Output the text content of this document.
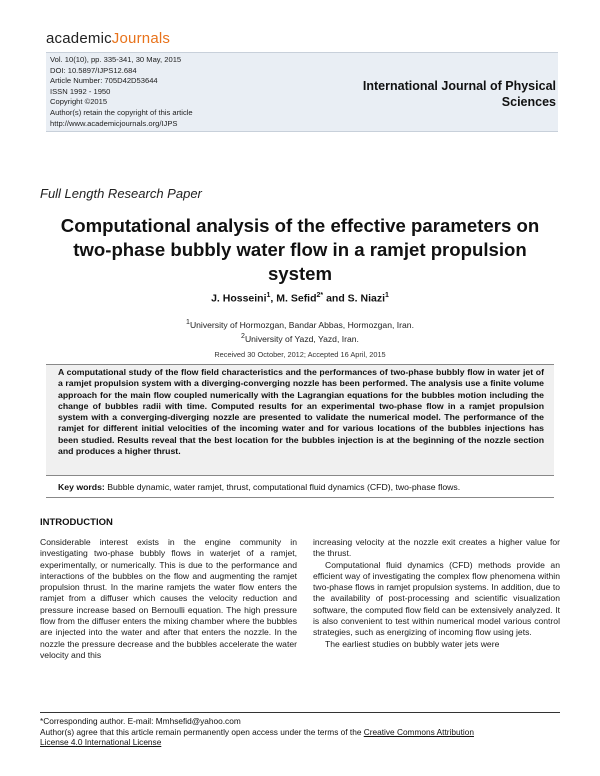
academicJournals
Vol. 10(10), pp. 335-341, 30 May, 2015
DOI: 10.5897/IJPS12.684
Article Number: 705D42D53644
ISSN 1992 - 1950
Copyright ©2015
Author(s) retain the copyright of this article
http://www.academicjournals.org/IJPS
International Journal of Physical
Sciences
Full Length Research Paper
Computational analysis of the effective parameters on two-phase bubbly water flow in a ramjet propulsion system
J. Hosseini$^1$, M. Sefid$^{2*}$ and S. Niazi$^1$
$^1$University of Hormozgan, Bandar Abbas, Hormozgan, Iran.
$^2$University of Yazd, Yazd, Iran.
Received 30 October, 2012; Accepted 16 April, 2015
A computational study of the flow field characteristics and the performances of two-phase bubbly flow in water jet of a ramjet propulsion system with a diverging-converging nozzle has been performed. The analysis use a finite volume approach for the main flow coupled numerically with the Lagrangian equations for the bubbles motion including the change of bubbles radii with time. Computed results for an experimental two-phase flow in a ramjet propulsion system with a converging-diverging nozzle are presented to validate the numerical model. The performance of the ramjet for different initial velocities of the incoming water and for various locations of the bubbles injections has been studied. Results reveal that the best location for the bubbles injection is at the beginning of the nozzle section and produces a higher thrust.
Key words: Bubble dynamic, water ramjet, thrust, computational fluid dynamics (CFD), two-phase flows.
INTRODUCTION

Considerable interest exists in the engine community in investigating two-phase bubbly flows in waterjet of a ramjet, experimentally, or numerically. This is due to the performance and interactions of the bubbles on the flow and augmenting the ramjet propulsion thrust. In the marine ramjets the water flow enters the ramjet from a diffuser which causes the velocity reduction and pressure increase based on Bernoulli equation. The high pressure flow from the diffuser enters the mixing chamber where the bubbles are injected into the water and after that enters the nozzle. In the nozzle the pressure decrease and the bubbles accelerate the water velocity and this

increasing velocity at the nozzle exit creates a higher value for the thrust.

Computational fluid dynamics (CFD) methods provide an efficient way of investigating the complex flow phenomena within two-phase flows in ramjet propulsion systems. In addition, due to the availability of post-processing and scientific visualization software, the computed flow field can be extensively analyzed. It is also convenient to test within numerical model various control strategies, such as energizing of incoming flow using jets.

The earliest studies on bubbly water jets were

*Corresponding author. E-mail: Mmhsefid@yahoo.com
Author(s) agree that this article remain permanently open access under the terms of the Creative Commons Attribution
License 4.0 International License
